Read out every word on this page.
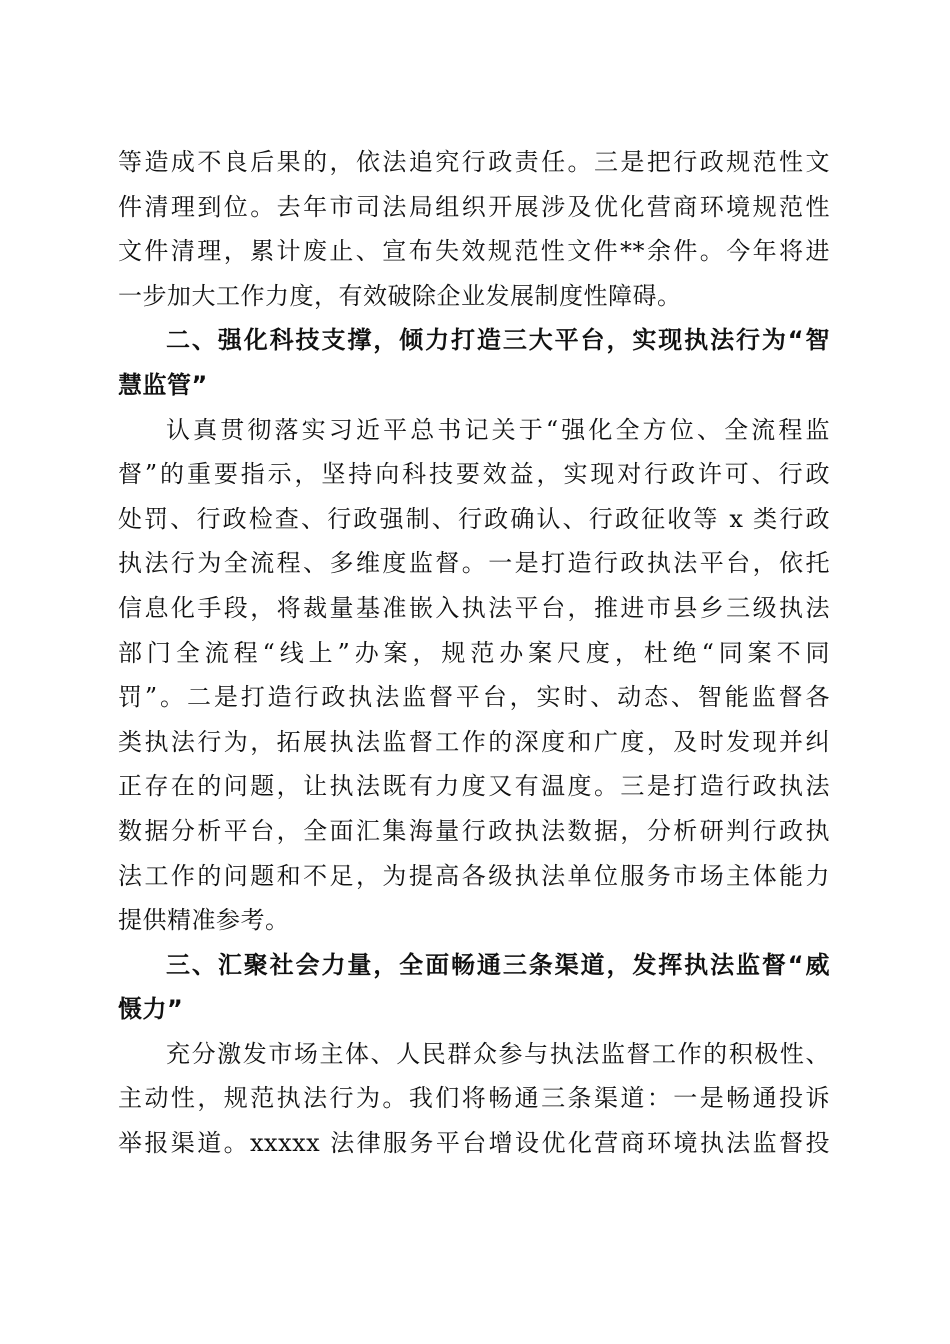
等造成不良后果的，依法追究行政责任。三是把行政规范性文
件清理到位。去年市司法局组织开展涉及优化营商环境规范性
文件清理，累计废止、宣布失效规范性文件**余件。今年将进
一步加大工作力度，有效破除企业发展制度性障碍。
二、强化科技支撑，倾力打造三大平台，实现执法行为“智
慧监管”
认真贯彻落实习近平总书记关于“强化全方位、全流程监
督”的重要指示，坚持向科技要效益，实现对行政许可、行政
处罚、行政检查、行政强制、行政确认、行政征收等 x 类行政
执法行为全流程、多维度监督。一是打造行政执法平台，依托
信息化手段，将裁量基准嵌入执法平台，推进市县乡三级执法
部门全流程“线上”办案，规范办案尺度，杜绝“同案不同
罚”。二是打造行政执法监督平台，实时、动态、智能监督各
类执法行为，拓展执法监督工作的深度和广度，及时发现并纠
正存在的问题，让执法既有力度又有温度。三是打造行政执法
数据分析平台，全面汇集海量行政执法数据，分析研判行政执
法工作的问题和不足，为提高各级执法单位服务市场主体能力
提供精准参考。
三、汇聚社会力量，全面畅通三条渠道，发挥执法监督“威
慑力”
充分激发市场主体、人民群众参与执法监督工作的积极性、
主动性，规范执法行为。我们将畅通三条渠道：一是畅通投诉
举报渠道。xxxxx 法律服务平台增设优化营商环境执法监督投
